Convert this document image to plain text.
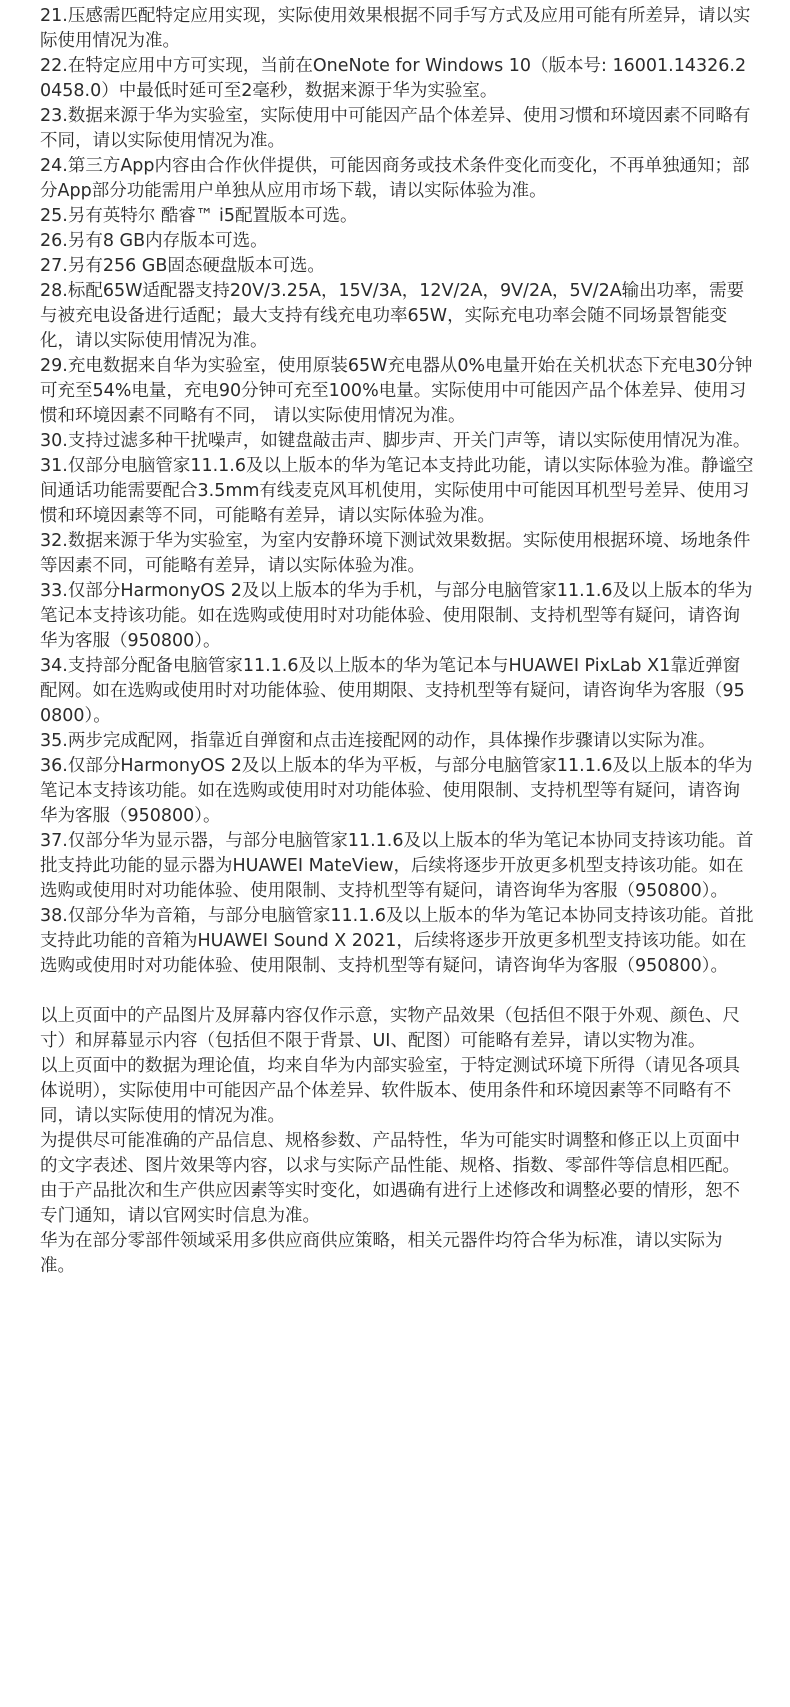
21.压感需匹配特定应用实现，实际使用效果根据不同手写方式及应用可能有所差异，请以实际使用情况为准。

22.在特定应用中方可实现，当前在OneNote for Windows 10（版本号: 16001.14326.20458.0）中最低时延可至2毫秒，数据来源于华为实验室。

23.数据来源于华为实验室，实际使用中可能因产品个体差异、使用习惯和环境因素不同略有不同，请以实际使用情况为准。

24.第三方App内容由合作伙伴提供，可能因商务或技术条件变化而变化，不再单独通知；部分App部分功能需用户单独从应用市场下载，请以实际体验为准。

25.另有英特尔 酷睿™ i5配置版本可选。

26.另有8 GB内存版本可选。

27.另有256 GB固态硬盘版本可选。

28.标配65W适配器支持20V/3.25A，15V/3A，12V/2A，9V/2A，5V/2A输出功率，需要与被充电设备进行适配；最大支持有线充电功率65W，实际充电功率会随不同场景智能变化，请以实际使用情况为准。

29.充电数据来自华为实验室，使用原装65W充电器从0%电量开始在关机状态下充电30分钟可充至54%电量，充电90分钟可充至100%电量。实际使用中可能因产品个体差异、使用习惯和环境因素不同略有不同， 请以实际使用情况为准。

30.支持过滤多种干扰噪声，如键盘敲击声、脚步声、开关门声等，请以实际使用情况为准。

31.仅部分电脑管家11.1.6及以上版本的华为笔记本支持此功能，请以实际体验为准。静谧空间通话功能需要配合3.5mm有线麦克风耳机使用，实际使用中可能因耳机型号差异、使用习惯和环境因素等不同，可能略有差异，请以实际体验为准。

32.数据来源于华为实验室，为室内安静环境下测试效果数据。实际使用根据环境、场地条件等因素不同，可能略有差异，请以实际体验为准。

33.仅部分HarmonyOS 2及以上版本的华为手机，与部分电脑管家11.1.6及以上版本的华为笔记本支持该功能。如在选购或使用时对功能体验、使用限制、支持机型等有疑问，请咨询华为客服（950800）。

34.支持部分配备电脑管家11.1.6及以上版本的华为笔记本与HUAWEI PixLab X1靠近弹窗配网。如在选购或使用时对功能体验、使用期限、支持机型等有疑问，请咨询华为客服（950800）。

35.两步完成配网，指靠近自弹窗和点击连接配网的动作，具体操作步骤请以实际为准。

36.仅部分HarmonyOS 2及以上版本的华为平板，与部分电脑管家11.1.6及以上版本的华为笔记本支持该功能。如在选购或使用时对功能体验、使用限制、支持机型等有疑问，请咨询华为客服（950800）。

37.仅部分华为显示器，与部分电脑管家11.1.6及以上版本的华为笔记本协同支持该功能。首批支持此功能的显示器为HUAWEI MateView，后续将逐步开放更多机型支持该功能。如在选购或使用时对功能体验、使用限制、支持机型等有疑问，请咨询华为客服（950800）。

38.仅部分华为音箱，与部分电脑管家11.1.6及以上版本的华为笔记本协同支持该功能。首批支持此功能的音箱为HUAWEI Sound X 2021，后续将逐步开放更多机型支持该功能。如在选购或使用时对功能体验、使用限制、支持机型等有疑问，请咨询华为客服（950800）。

以上页面中的产品图片及屏幕内容仅作示意，实物产品效果（包括但不限于外观、颜色、尺寸）和屏幕显示内容（包括但不限于背景、UI、配图）可能略有差异，请以实物为准。

以上页面中的数据为理论值，均来自华为内部实验室，于特定测试环境下所得（请见各项具体说明），实际使用中可能因产品个体差异、软件版本、使用条件和环境因素等不同略有不同，请以实际使用的情况为准。

为提供尽可能准确的产品信息、规格参数、产品特性，华为可能实时调整和修正以上页面中的文字表述、图片效果等内容，以求与实际产品性能、规格、指数、零部件等信息相匹配。由于产品批次和生产供应因素等实时变化，如遇确有进行上述修改和调整必要的情形，恕不专门通知，请以官网实时信息为准。

华为在部分零部件领域采用多供应商供应策略，相关元器件均符合华为标准，请以实际为准。
